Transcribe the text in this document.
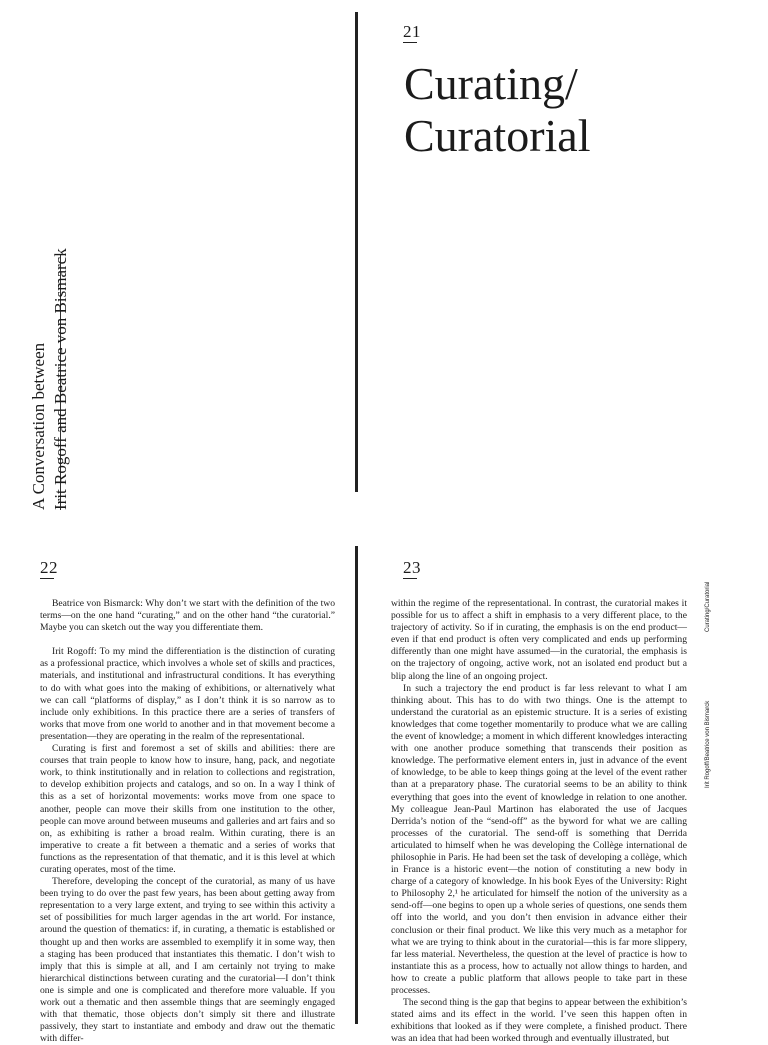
A Conversation between Irit Rogoff and Beatrice von Bismarck
21
Curating/
Curatorial
22	23

Beatrice von Bismarck: Why don’t we start with the definition of the two terms—on the one hand “curating,” and on the other hand “the curatorial.” Maybe you can sketch out the way you differentiate them.

Irit Rogoff: To my mind the differentiation is the distinction of curating as a professional practice, which involves a whole set of skills and practices, materials, and institutional and infrastructural conditions. It has everything to do with what goes into the making of exhibitions, or alternatively what we can call “platforms of display,” as I don’t think it is so narrow as to include only exhibitions. In this practice there are a series of transfers of works that move from one world to another and in that movement become a presentation—they are operating in the realm of the representational.

Curating is first and foremost a set of skills and abilities: there are courses that train people to know how to insure, hang, pack, and negotiate work, to think institutionally and in relation to collections and registration, to develop exhibition projects and catalogs, and so on. In a way I think of this as a set of horizontal movements: works move from one space to another, people can move their skills from one institution to the other, people can move around between museums and galleries and art fairs and so on, as exhibiting is rather a broad realm. Within curating, there is an imperative to create a fit between a thematic and a series of works that functions as the representation of that thematic, and it is this level at which curating operates, most of the time.

Therefore, developing the concept of the curatorial, as many of us have been trying to do over the past few years, has been about getting away from representation to a very large extent, and trying to see within this activity a set of possibilities for much larger agendas in the art world. For instance, around the question of thematics: if, in curating, a thematic is established or thought up and then works are assembled to exemplify it in some way, then a staging has been produced that instantiates this thematic. I don’t wish to imply that this is simple at all, and I am certainly not trying to make hierarchical distinctions between curating and the curatorial—I don’t think one is simple and one is complicated and therefore more valuable. If you work out a thematic and then assemble things that are seemingly engaged with that thematic, those objects don’t simply sit there and illustrate passively, they start to instantiate and embody and draw out the thematic with differ-

within the regime of the representational. In contrast, the curatorial makes it possible for us to affect a shift in emphasis to a very different place, to the trajectory of activity. So if in curating, the emphasis is on the end product—even if that end product is often very complicated and ends up performing differently than one might have assumed—in the curatorial, the emphasis is on the trajectory of ongoing, active work, not an isolated end product but a blip along the line of an ongoing project.

In such a trajectory the end product is far less relevant to what I am thinking about. This has to do with two things. One is the attempt to understand the curatorial as an epistemic structure. It is a series of existing knowledges that come together momentarily to produce what we are calling the event of knowledge; a moment in which different knowledges interacting with one another produce something that transcends their position as knowledge. The performative element enters in, just in advance of the event of knowledge, to be able to keep things going at the level of the event rather than at a preparatory phase. The curatorial seems to be an ability to think everything that goes into the event of knowledge in relation to one another. My colleague Jean-Paul Martinon has elaborated the use of Jacques Derrida’s notion of the “send-off” as the byword for what we are calling processes of the curatorial. The send-off is something that Derrida articulated to himself when he was developing the Collège international de philosophie in Paris. He had been set the task of developing a collège, which in France is a historic event—the notion of constituting a new body in charge of a category of knowledge. In his book Eyes of the University: Right to Philosophy 2,¹ he articulated for himself the notion of the university as a send-off—one begins to open up a whole series of questions, one sends them off into the world, and you don’t then envision in advance either their conclusion or their final product. We like this very much as a metaphor for what we are trying to think about in the curatorial—this is far more slippery, far less material. Nevertheless, the question at the level of practice is how to instantiate this as a process, how to actually not allow things to harden, and how to create a public platform that allows people to take part in these processes.

The second thing is the gap that begins to appear between the exhibition’s stated aims and its effect in the world. I’ve seen this happen often in exhibitions that looked as if they were complete, a finished product. There was an idea that had been worked through and eventually illustrated, but

Curating/Curatorial
Irit Rogoff/Beatrice von Bismarck
